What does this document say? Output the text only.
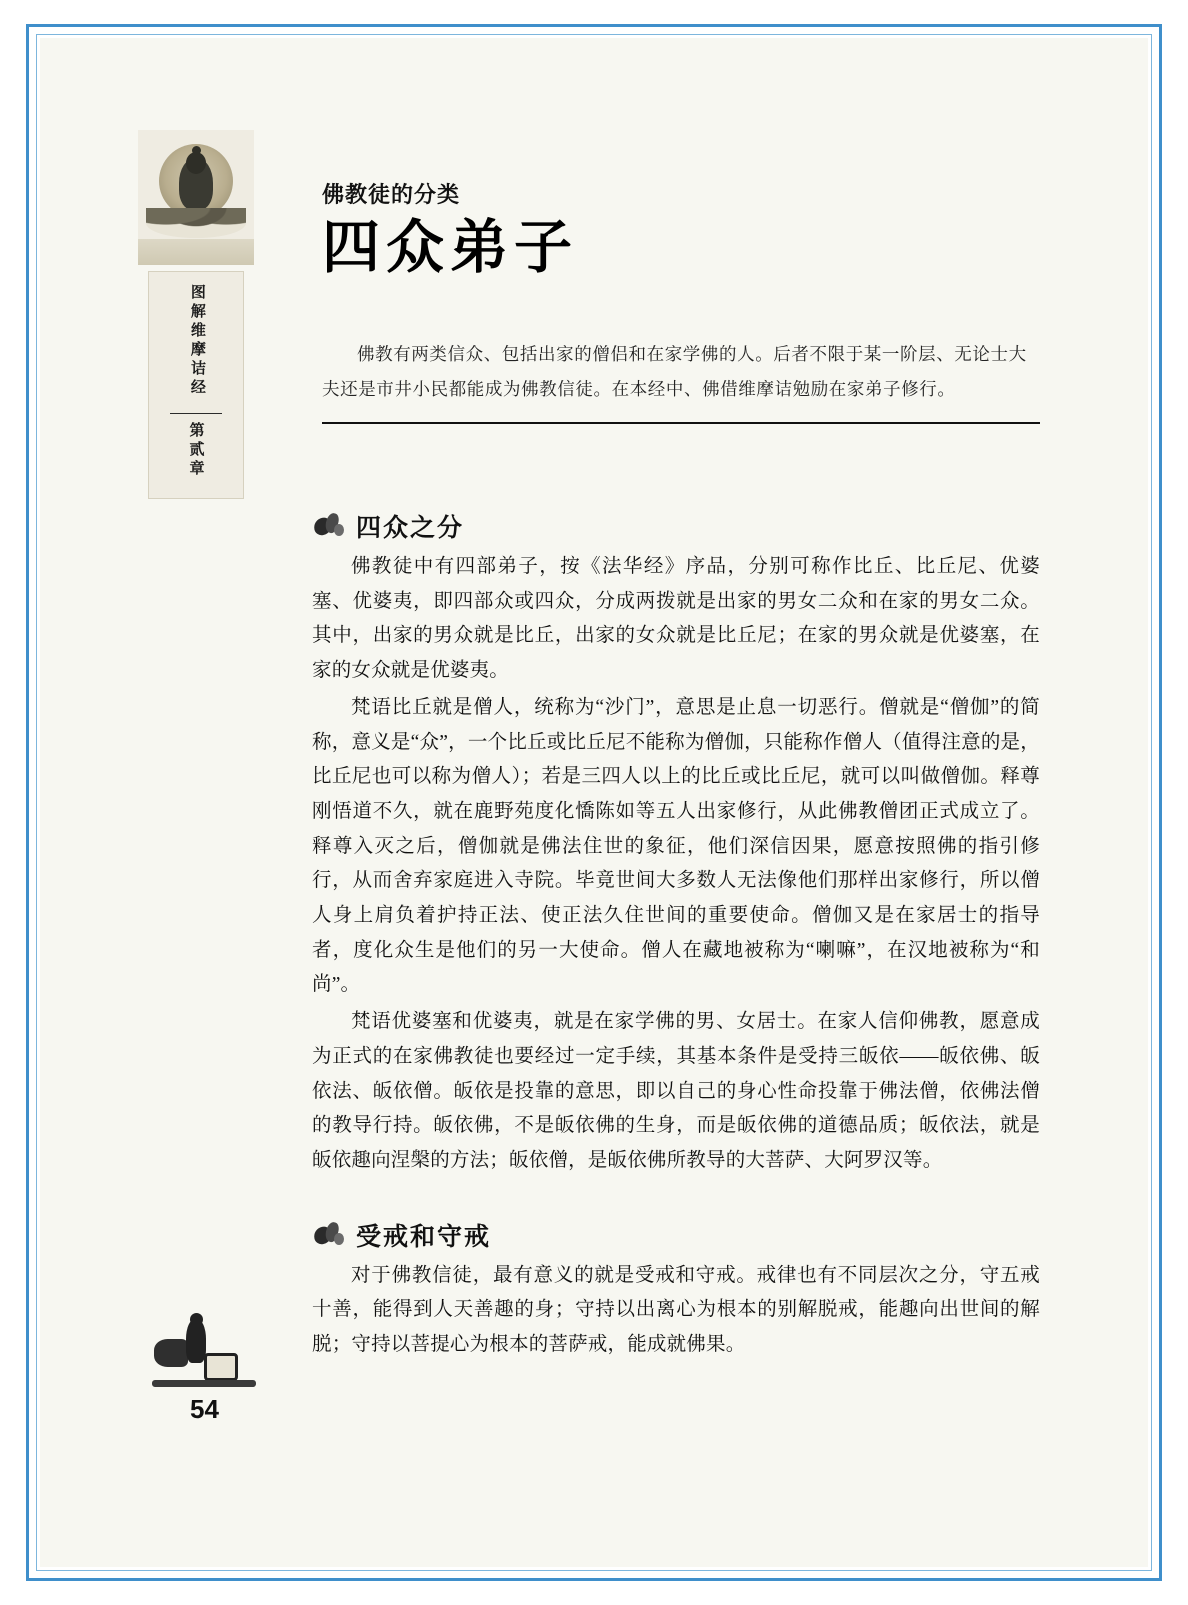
图解维摩诘经
第贰章
佛教徒的分类
四众弟子

佛教有两类信众、包括出家的僧侣和在家学佛的人。后者不限于某一阶层、无论士大夫还是市井小民都能成为佛教信徒。在本经中、佛借维摩诘勉励在家弟子修行。

四众之分

佛教徒中有四部弟子，按《法华经》序品，分别可称作比丘、比丘尼、优婆塞、优婆夷，即四部众或四众，分成两拨就是出家的男女二众和在家的男女二众。其中，出家的男众就是比丘，出家的女众就是比丘尼；在家的男众就是优婆塞，在家的女众就是优婆夷。

梵语比丘就是僧人，统称为“沙门”，意思是止息一切恶行。僧就是“僧伽”的简称，意义是“众”，一个比丘或比丘尼不能称为僧伽，只能称作僧人（值得注意的是，比丘尼也可以称为僧人）；若是三四人以上的比丘或比丘尼，就可以叫做僧伽。释尊刚悟道不久，就在鹿野苑度化憍陈如等五人出家修行，从此佛教僧团正式成立了。释尊入灭之后，僧伽就是佛法住世的象征，他们深信因果，愿意按照佛的指引修行，从而舍弃家庭进入寺院。毕竟世间大多数人无法像他们那样出家修行，所以僧人身上肩负着护持正法、使正法久住世间的重要使命。僧伽又是在家居士的指导者，度化众生是他们的另一大使命。僧人在藏地被称为“喇嘛”，在汉地被称为“和尚”。

梵语优婆塞和优婆夷，就是在家学佛的男、女居士。在家人信仰佛教，愿意成为正式的在家佛教徒也要经过一定手续，其基本条件是受持三皈依——皈依佛、皈依法、皈依僧。皈依是投靠的意思，即以自己的身心性命投靠于佛法僧，依佛法僧的教导行持。皈依佛，不是皈依佛的生身，而是皈依佛的道德品质；皈依法，就是皈依趣向涅槃的方法；皈依僧，是皈依佛所教导的大菩萨、大阿罗汉等。

受戒和守戒

对于佛教信徒，最有意义的就是受戒和守戒。戒律也有不同层次之分，守五戒十善，能得到人天善趣的身；守持以出离心为根本的别解脱戒，能趣向出世间的解脱；守持以菩提心为根本的菩萨戒，能成就佛果。

54
